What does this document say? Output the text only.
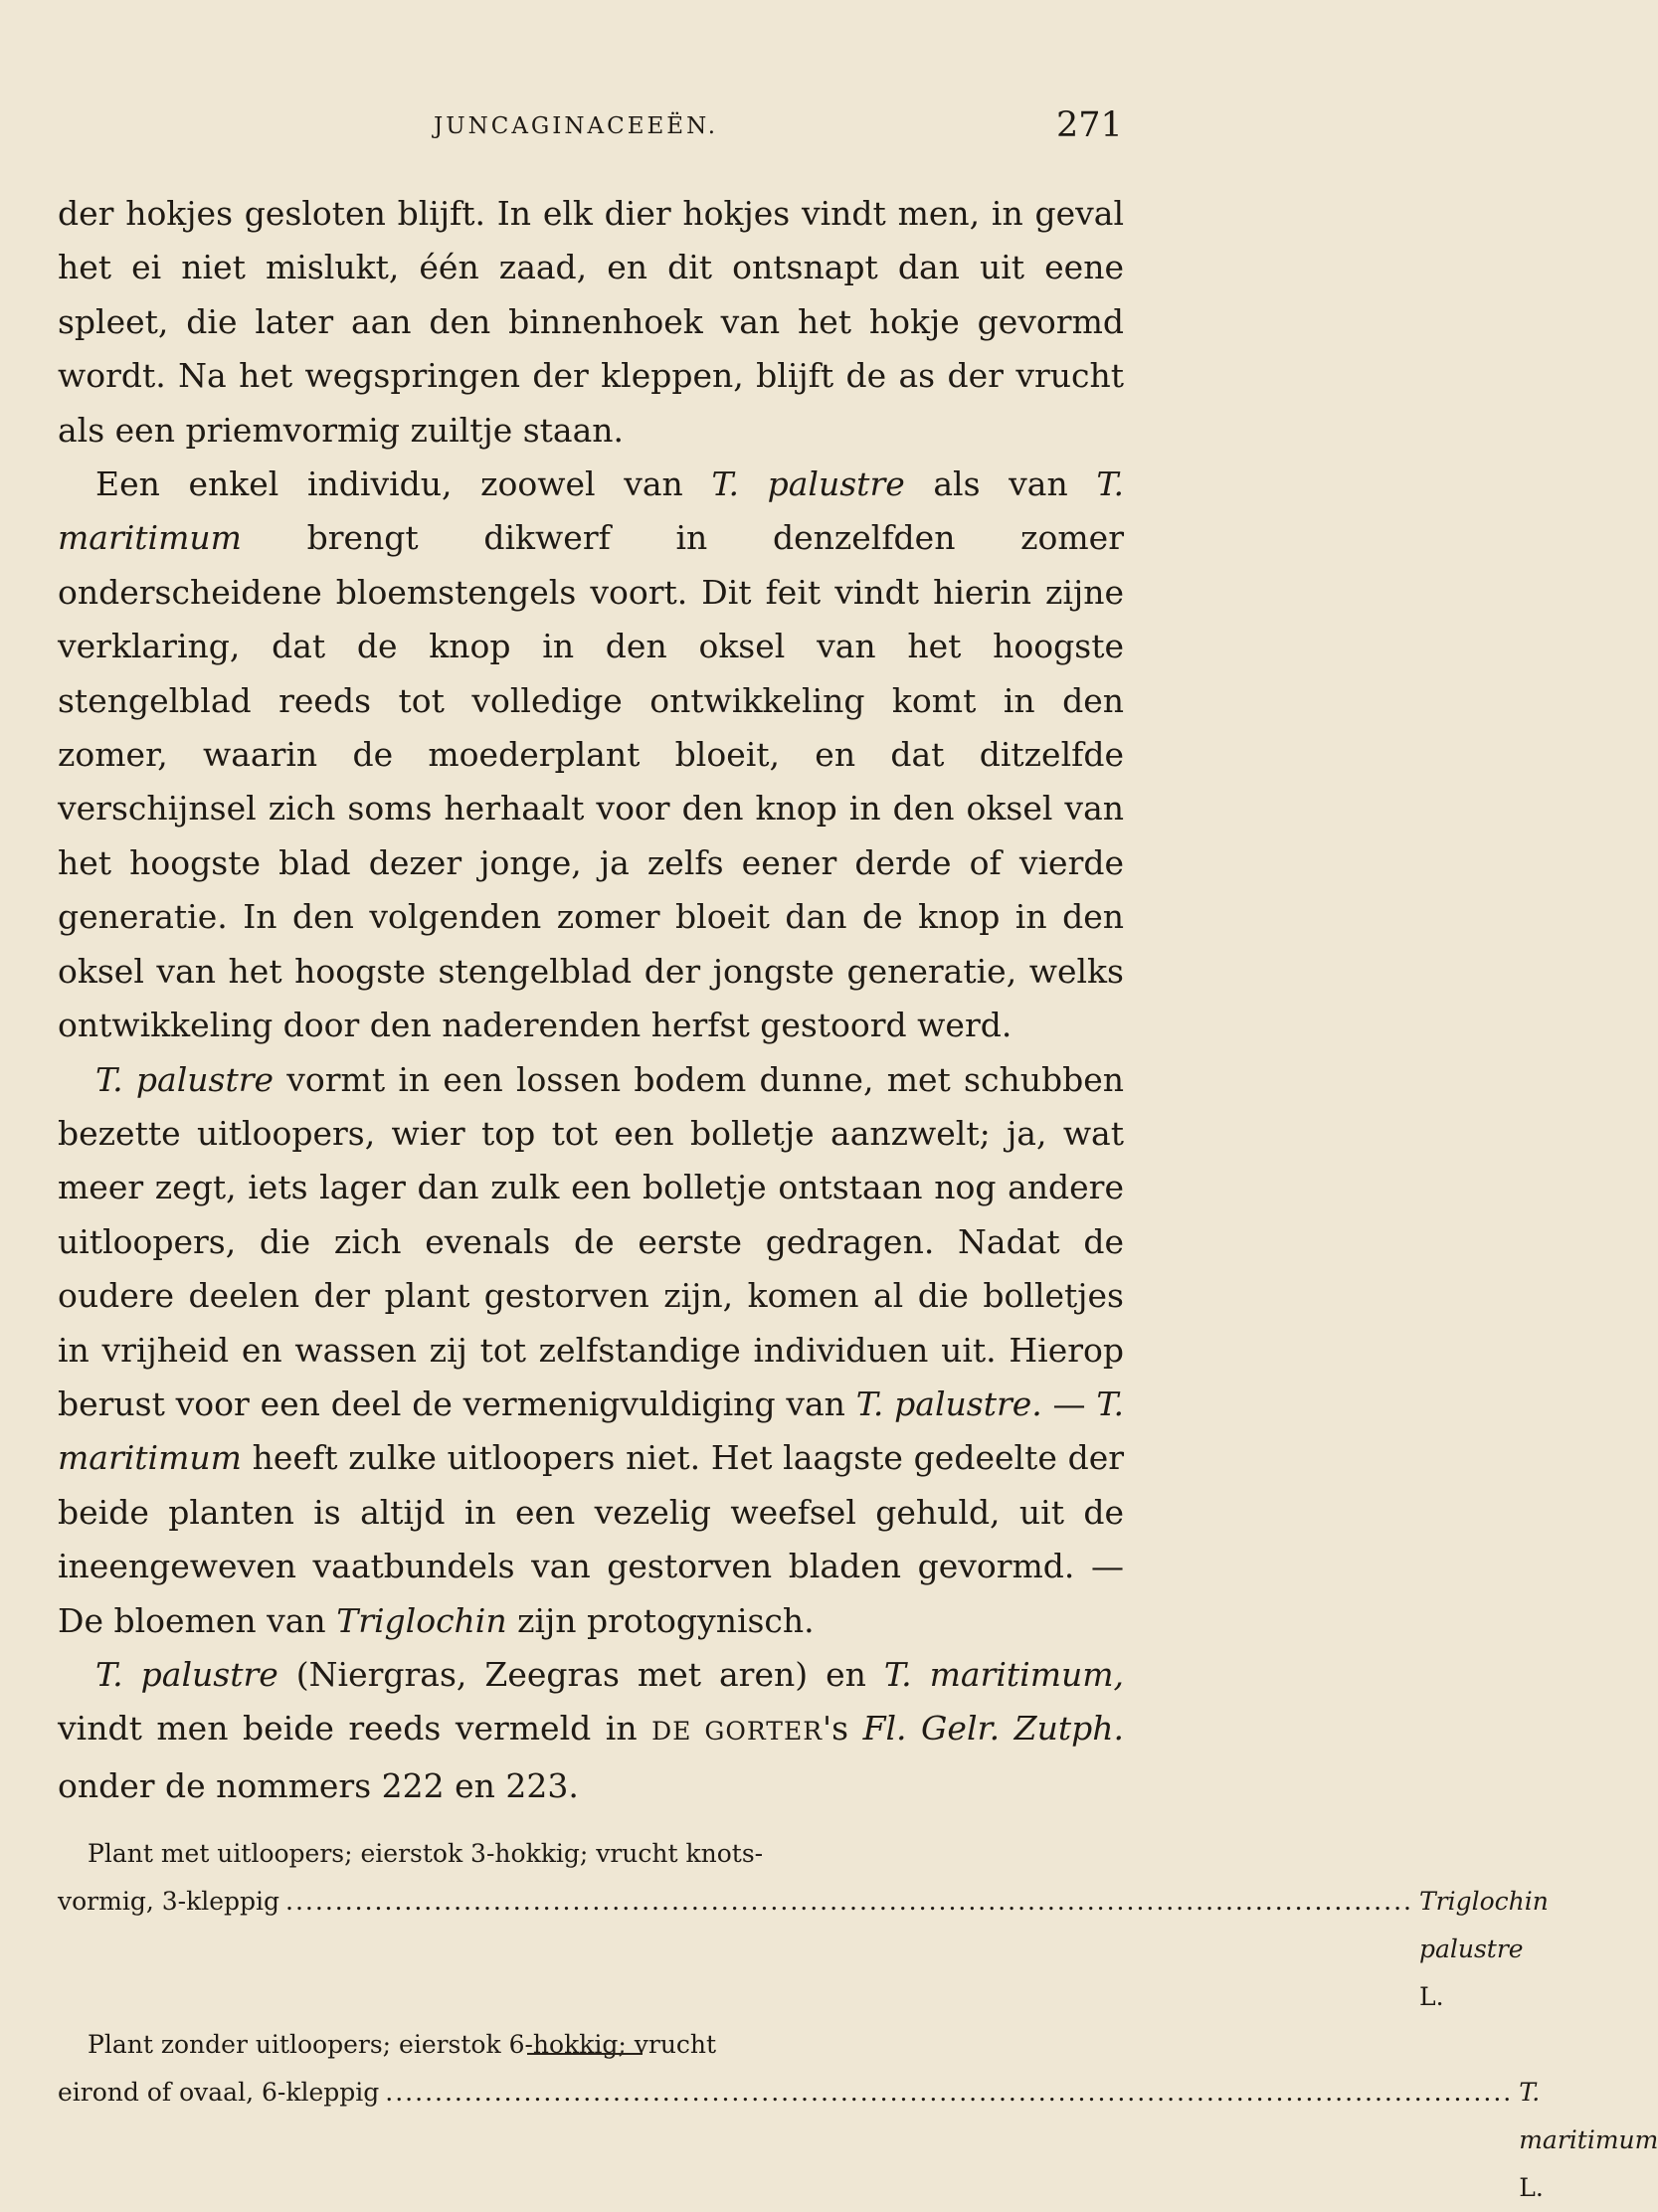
JUNCAGINACEEËN.	271

der hokjes gesloten blijft. In elk dier hokjes vindt men, in geval het ei niet mislukt, één zaad, en dit ontsnapt dan uit eene spleet, die later aan den binnenhoek van het hokje gevormd wordt. Na het wegspringen der kleppen, blijft de as der vrucht als een priemvormig zuiltje staan.

Een enkel individu, zoowel van T. palustre als van T. maritimum brengt dikwerf in denzelfden zomer onderscheidene bloemstengels voort. Dit feit vindt hierin zijne verklaring, dat de knop in den oksel van het hoogste stengelblad reeds tot volledige ontwikkeling komt in den zomer, waarin de moederplant bloeit, en dat ditzelfde verschijnsel zich soms herhaalt voor den knop in den oksel van het hoogste blad dezer jonge, ja zelfs eener derde of vierde generatie. In den volgenden zomer bloeit dan de knop in den oksel van het hoogste stengelblad der jongste generatie, welks ontwikkeling door den naderenden herfst gestoord werd.

T. palustre vormt in een lossen bodem dunne, met schubben bezette uitloopers, wier top tot een bolletje aanzwelt; ja, wat meer zegt, iets lager dan zulk een bolletje ontstaan nog andere uitloopers, die zich evenals de eerste gedragen. Nadat de oudere deelen der plant gestorven zijn, komen al die bolletjes in vrijheid en wassen zij tot zelfstandige individuen uit. Hierop berust voor een deel de vermenigvuldiging van T. palustre. — T. maritimum heeft zulke uitloopers niet. Het laagste gedeelte der beide planten is altijd in een vezelig weefsel gehuld, uit de ineengeweven vaatbundels van gestorven bladen gevormd. — De bloemen van Triglochin zijn protogynisch.

T. palustre (Niergras, Zeegras met aren) en T. maritimum, vindt men beide reeds vermeld in DE GORTER's Fl. Gelr. Zutph. onder de nommers 222 en 223.

Plant met uitloopers; eierstok 3-hokkig; vrucht knots-
vormig, 3-kleppig .................................................................................................................. Triglochin palustre L.
Plant zonder uitloopers; eierstok 6-hokkig; vrucht
eirond of ovaal, 6-kleppig .................................................................................................................. T. maritimum L.
